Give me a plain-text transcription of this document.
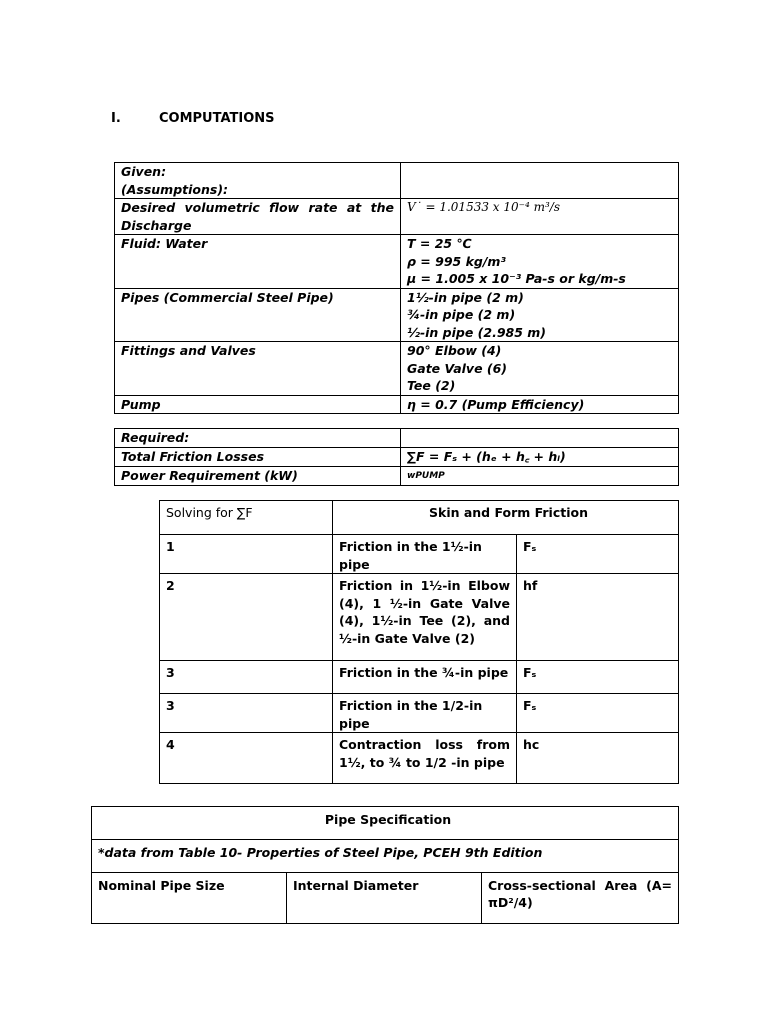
I.	COMPUTATIONS
Given:
(Assumptions):	

Desired volumetric flow rate at the Discharge	V˙ = 1.01533 x 10⁻⁴ m³/s

Fluid: Water	T = 25 ℃
ρ = 995 kg/m³
μ = 1.005 x 10⁻³ Pa-s or kg/m-s

Pipes (Commercial Steel Pipe)	1½-in pipe (2 m)
¾-in pipe (2 m)
½-in pipe (2.985 m)

Fittings and Valves	90° Elbow (4)
Gate Valve (6)
Tee (2)

Pump	η = 0.7 (Pump Efficiency)
Required:	
Total Friction Losses	∑F = Fₛ + (hₑ + h꜀ + hₗ)
Power Requirement (kW)	wPUMP
Solving for ∑F	Skin and Form Friction	
1	Friction in the 1½-in pipe	Fₛ
2	Friction in 1½-in Elbow (4), 1 ½-in Gate Valve (4), 1½-in Tee (2), and ½-in Gate Valve (2)	hf
3	Friction in the ¾-in pipe	Fₛ
3	Friction in the 1/2-in pipe	Fₛ
4	Contraction loss from 1½, to ¾ to 1/2 -in pipe	hc
Pipe Specification
*data from Table 10- Properties of Steel Pipe, PCEH 9th Edition
Nominal Pipe Size	Internal Diameter	Cross-sectional Area (A= πD²/4)
